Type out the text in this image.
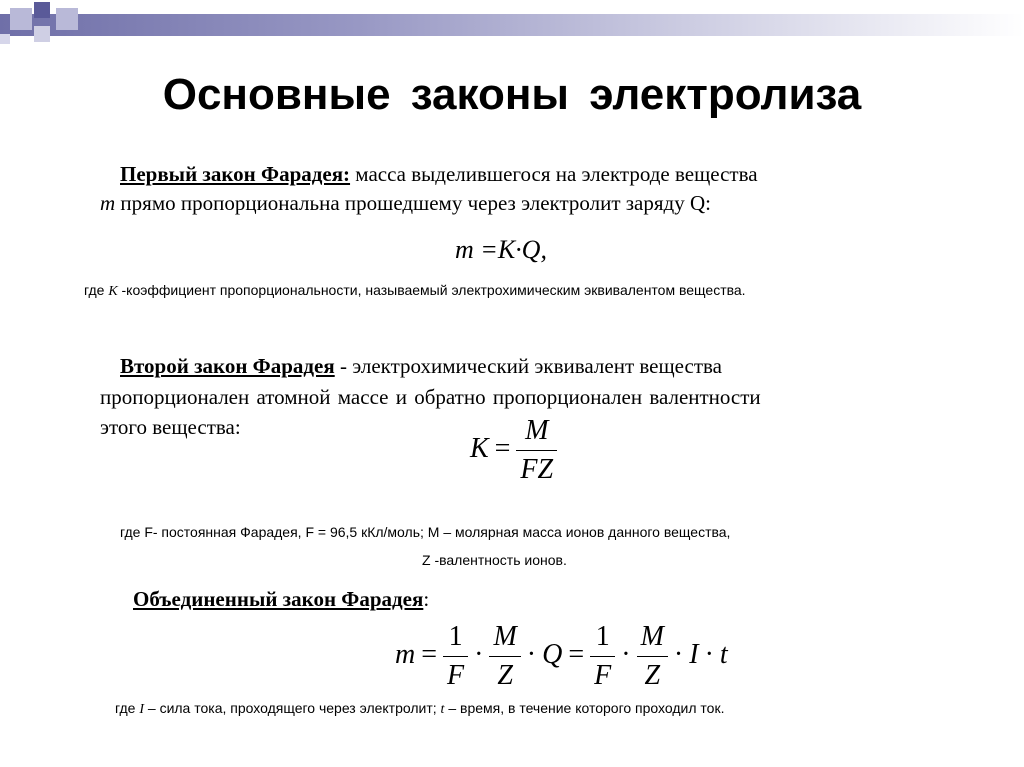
Основные законы электролиза
Первый закон Фарадея: масса выделившегося на электроде вещества
m прямо пропорциональна прошедшему через электролит заряду Q:
m =K·Q,
где К -коэффициент пропорциональности, называемый электрохимическим эквивалентом вещества.
Второй закон Фарадея - электрохимический эквивалент вещества
пропорционален атомной массе и обратно пропорционален валентности
этого вещества:
$К = \frac{M}{FZ}$
где F- постоянная Фарадея, F = 96,5 кКл/моль; М – молярная масса ионов данного вещества,
Z -валентность ионов.
Объединенный закон Фарадея:
$m = \frac{1}{F} \cdot \frac{M}{Z} \cdot Q = \frac{1}{F} \cdot \frac{M}{Z} \cdot I \cdot t$
где I – сила тока, проходящего через электролит; t – время, в течение которого проходил ток.
